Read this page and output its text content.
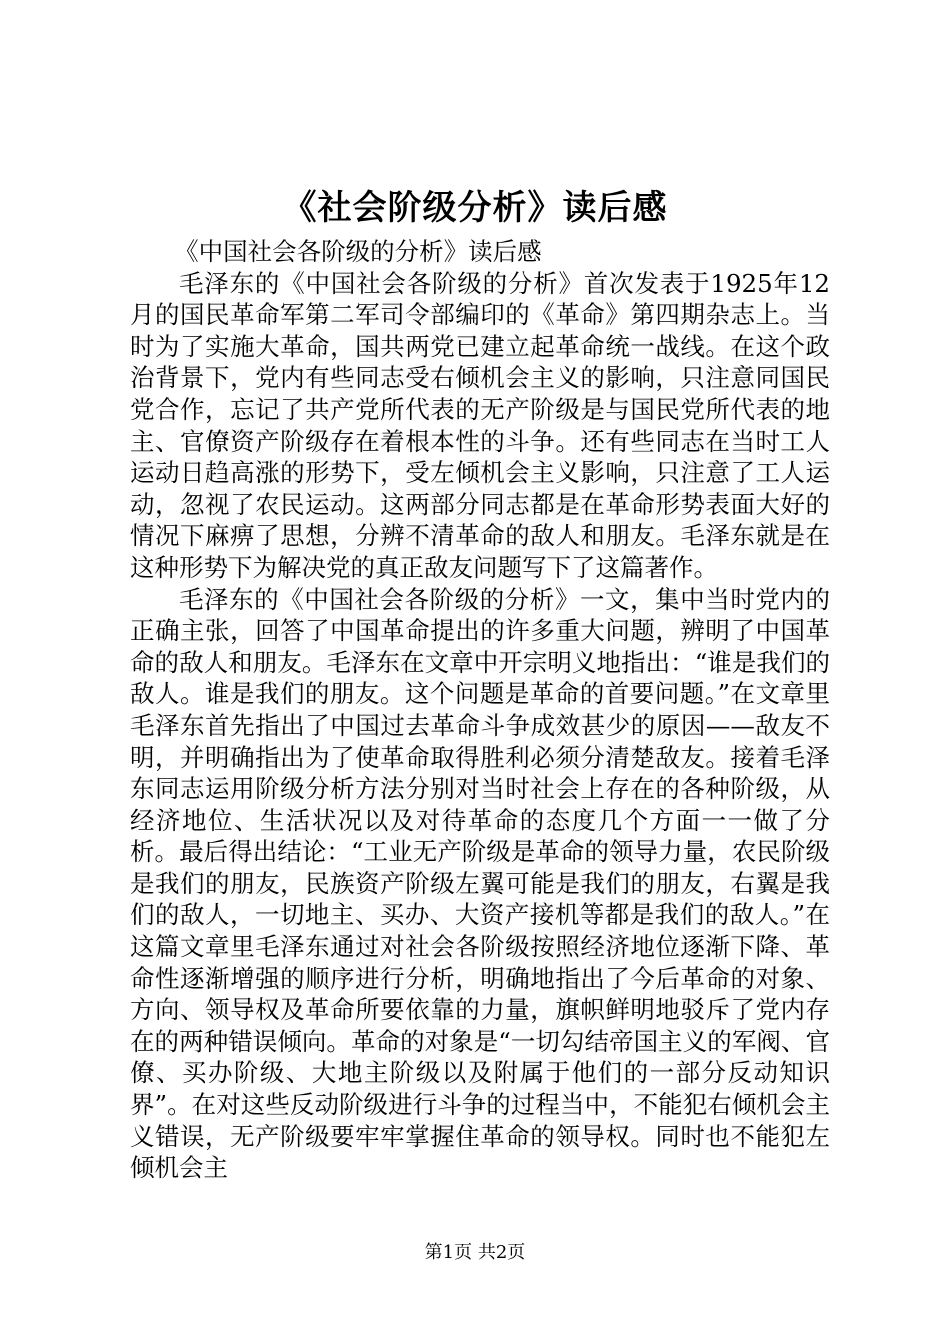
《社会阶级分析》读后感

《中国社会各阶级的分析》读后感

毛泽东的《中国社会各阶级的分析》首次发表于1925年12月的国民革命军第二军司令部编印的《革命》第四期杂志上。当时为了实施大革命，国共两党已建立起革命统一战线。在这个政治背景下，党内有些同志受右倾机会主义的影响，只注意同国民党合作，忘记了共产党所代表的无产阶级是与国民党所代表的地主、官僚资产阶级存在着根本性的斗争。还有些同志在当时工人运动日趋高涨的形势下，受左倾机会主义影响，只注意了工人运动，忽视了农民运动。这两部分同志都是在革命形势表面大好的情况下麻痹了思想，分辨不清革命的敌人和朋友。毛泽东就是在这种形势下为解决党的真正敌友问题写下了这篇著作。

毛泽东的《中国社会各阶级的分析》一文，集中当时党内的正确主张，回答了中国革命提出的许多重大问题，辨明了中国革命的敌人和朋友。毛泽东在文章中开宗明义地指出：“谁是我们的敌人。谁是我们的朋友。这个问题是革命的首要问题。”在文章里毛泽东首先指出了中国过去革命斗争成效甚少的原因——敌友不明，并明确指出为了使革命取得胜利必须分清楚敌友。接着毛泽东同志运用阶级分析方法分别对当时社会上存在的各种阶级，从经济地位、生活状况以及对待革命的态度几个方面一一做了分析。最后得出结论：“工业无产阶级是革命的领导力量，农民阶级是我们的朋友，民族资产阶级左翼可能是我们的朋友，右翼是我们的敌人，一切地主、买办、大资产接机等都是我们的敌人。”在这篇文章里毛泽东通过对社会各阶级按照经济地位逐渐下降、革命性逐渐增强的顺序进行分析，明确地指出了今后革命的对象、方向、领导权及革命所要依靠的力量，旗帜鲜明地驳斥了党内存在的两种错误倾向。革命的对象是“一切勾结帝国主义的军阀、官僚、买办阶级、大地主阶级以及附属于他们的一部分反动知识界”。在对这些反动阶级进行斗争的过程当中，不能犯右倾机会主义错误，无产阶级要牢牢掌握住革命的领导权。同时也不能犯左倾机会主

第1页 共2页
